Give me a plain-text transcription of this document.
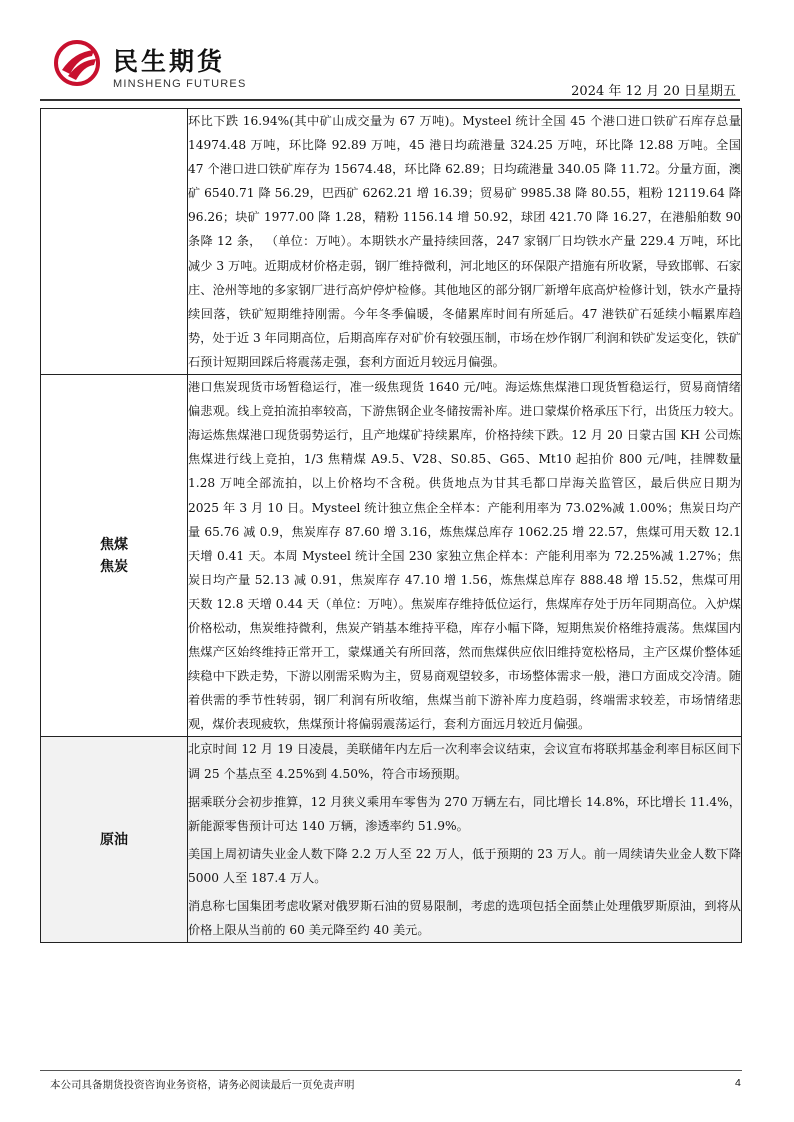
民生期货
MINSHENG FUTURES	2024 年 12 月 20 日星期五

	环比下跌 16.94%(其中矿山成交量为 67 万吨)。Mysteel 统计全国 45 个港口进口铁矿石库存总量 14974.48 万吨，环比降 92.89 万吨，45 港日均疏港量 324.25 万吨，环比降 12.88 万吨。全国 47 个港口进口铁矿库存为 15674.48，环比降 62.89；日均疏港量 340.05 降 11.72。分量方面，澳矿 6540.71 降 56.29，巴西矿 6262.21 增 16.39；贸易矿 9985.38 降 80.55，粗粉 12119.64 降 96.26；块矿 1977.00 降 1.28，精粉 1156.14 增 50.92，球团 421.70 降 16.27，在港船舶数 90 条降 12 条， （单位：万吨）。本期铁水产量持续回落，247 家钢厂日均铁水产量 229.4 万吨，环比减少 3 万吨。近期成材价格走弱，钢厂维持微利，河北地区的环保限产措施有所收紧，导致邯郸、石家庄、沧州等地的多家钢厂进行高炉停炉检修。其他地区的部分钢厂新增年底高炉检修计划，铁水产量持续回落，铁矿短期维持刚需。今年冬季偏暖，冬储累库时间有所延后。47 港铁矿石延续小幅累库趋势，处于近 3 年同期高位，后期高库存对矿价有较强压制，市场在炒作钢厂利润和铁矿发运变化，铁矿石预计短期回踩后将震荡走强，套利方面近月较远月偏强。

焦煤
焦炭	港口焦炭现货市场暂稳运行，准一级焦现货 1640 元/吨。海运炼焦煤港口现货暂稳运行，贸易商情绪偏悲观。线上竞拍流拍率较高，下游焦钢企业冬储按需补库。进口蒙煤价格承压下行，出货压力较大。海运炼焦煤港口现货弱势运行，且产地煤矿持续累库，价格持续下跌。12 月 20 日蒙古国 KH 公司炼焦煤进行线上竞拍，1/3 焦精煤 A9.5、V28、S0.85、G65、Mt10 起拍价 800 元/吨，挂牌数量 1.28 万吨全部流拍，以上价格均不含税。供货地点为甘其毛都口岸海关监管区，最后供应日期为 2025 年 3 月 10 日。Mysteel 统计独立焦企全样本：产能利用率为 73.02%减 1.00%；焦炭日均产量 65.76 减 0.9，焦炭库存 87.60 增 3.16，炼焦煤总库存 1062.25 增 22.57，焦煤可用天数 12.1 天增 0.41 天。本周 Mysteel 统计全国 230 家独立焦企样本：产能利用率为 72.25%减 1.27%；焦炭日均产量 52.13 减 0.91，焦炭库存 47.10 增 1.56，炼焦煤总库存 888.48 增 15.52，焦煤可用天数 12.8 天增 0.44 天（单位：万吨）。焦炭库存维持低位运行，焦煤库存处于历年同期高位。入炉煤价格松动，焦炭维持微利，焦炭产销基本维持平稳，库存小幅下降，短期焦炭价格维持震荡。焦煤国内焦煤产区始终维持正常开工，蒙煤通关有所回落，然而焦煤供应依旧维持宽松格局，主产区煤价整体延续稳中下跌走势，下游以刚需采购为主，贸易商观望较多，市场整体需求一般，港口方面成交冷清。随着供需的季节性转弱，钢厂利润有所收缩，焦煤当前下游补库力度趋弱，终端需求较差，市场情绪悲观，煤价表现疲软，焦煤预计将偏弱震荡运行，套利方面远月较近月偏强。

原油	北京时间 12 月 19 日凌晨，美联储年内左后一次利率会议结束，会议宣布将联邦基金利率目标区间下调 25 个基点至 4.25%到 4.50%，符合市场预期。

据乘联分会初步推算，12 月狭义乘用车零售为 270 万辆左右，同比增长 14.8%，环比增长 11.4%，新能源零售预计可达 140 万辆，渗透率约 51.9%。

美国上周初请失业金人数下降 2.2 万人至 22 万人，低于预期的 23 万人。前一周续请失业金人数下降 5000 人至 187.4 万人。

消息称七国集团考虑收紧对俄罗斯石油的贸易限制，考虑的选项包括全面禁止处理俄罗斯原油，到将从价格上限从当前的 60 美元降至约 40 美元。

本公司具备期货投资咨询业务资格，请务必阅读最后一页免责声明	4
